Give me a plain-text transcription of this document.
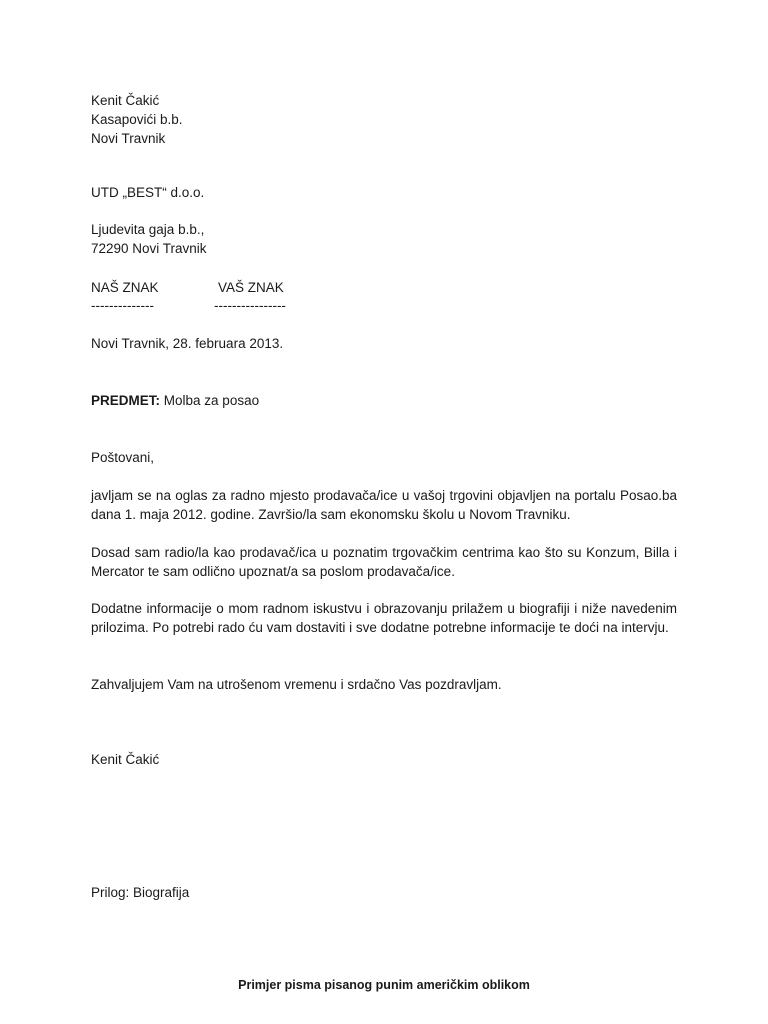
Kenit Čakić
Kasapovići b.b.
Novi Travnik
UTD „BEST“ d.o.o.
Ljudevita gaja b.b.,
72290 Novi Travnik
NAŠ ZNAK
--------------
VAŠ ZNAK
----------------
Novi Travnik, 28. februara 2013.
PREDMET: Molba za posao
Poštovani,
javljam se na oglas za radno mjesto prodavača/ice u vašoj trgovini objavljen na portalu Posao.ba dana 1. maja 2012. godine. Završio/la sam ekonomsku školu u Novom Travniku.
Dosad sam radio/la kao prodavač/ica u poznatim trgovačkim centrima kao što su Konzum, Billa i Mercator te sam odlično upoznat/a sa poslom prodavača/ice.
Dodatne informacije o mom radnom iskustvu i obrazovanju prilažem u biografiji i niže navedenim prilozima. Po potrebi rado ću vam dostaviti i sve dodatne potrebne informacije te doći na intervju.
Zahvaljujem Vam na utrošenom vremenu i srdačno Vas pozdravljam.
Kenit Čakić
Prilog: Biografija
Primjer pisma pisanog punim američkim oblikom
